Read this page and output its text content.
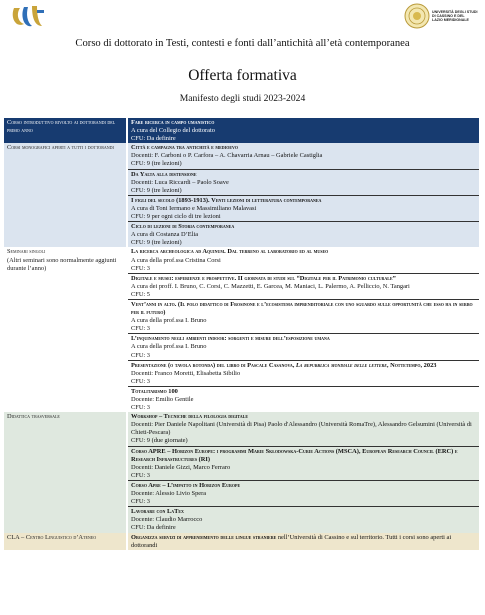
UNIVERSITÀ DEGLI STUDI
DI CASSINO E DEL
LAZIO MERIDIONALE
Corso di dottorato in Testi, contesti e fonti dall’antichità all’età contemporanea
Offerta formativa
Manifesto degli studi 2023-2024
Corso introduttivo rivolto ai dottorandi del primo anno	Fare ricerca in campo umanistico
A cura del Collegio del dottorato
CFU: Da definire

Corsi monografici aperti a tutti i dottorandi	Città e campagna tra antichità e medioevo
Docenti: F. Carboni o P. Carfora – A. Chavarria Arnau – Gabriele Castiglia
CFU: 9 (tre lezioni)

	Da Yalta alla distensione
Docenti: Luca Riccardi – Paolo Soave
CFU: 9 (tre lezioni)

	I figli del secolo (1893-1913). Venti lezioni di letteratura contemporanea
A cura di Toni Iermano e Massimiliano Malavasi
CFU: 9 per ogni ciclo di tre lezioni

	Ciclo di lezioni di Storia contemporanea
A cura di Costanza D’Elia
CFU: 9 (tre lezioni)

Seminari singoli
(Altri seminari sono normalmente aggiunti durante l’anno)	La ricerca archeologica ad Aquinum. Dal terreno al laboratorio ed al museo
A cura della prof.ssa Cristina Corsi
CFU: 3

	Digitale e musei: esperienze e prospettive. II giornata di studi sul “Digitale per il Patrimonio culturale”
A cura dei proff. I. Bruno, C. Corsi, C. Mazzetti, E. Garcea, M. Maniaci, L. Palermo, A. Pelliccio, N. Tangari
CFU: 5

	Vent’anni in alto. (Il polo didattico di Frosinone e l’ecosistema imprenditoriale con uno sguardo sulle opportunità che esso ha in serbo per il futuro)
A cura della prof.ssa I. Bruno
CFU: 3

	L’inquinamento negli ambienti indoor: sorgenti e misure dell’esposizione umana
A cura della prof.ssa I. Bruno
CFU: 3

	Presentazione (o tavola rotonda) del libro di Pascale Casanova, La repubblica mondiale delle lettere, Nottetempo, 2023
Docenti: Franco Moretti, Elisabetta Sibilio
CFU: 3

	Totalitarismo 100
Docente: Emilio Gentile
CFU: 3

Didattica trasversale	Workshop – Tecniche della filologia digitale
Docenti: Pier Daniele Napolitani (Università di Pisa) Paolo d'Alessandro (Università RomaTre), Alessandro Gelsumini (Università di Chieti-Pescara)
CFU: 9 (due giornate)

	Corso APRE – Horizon Europe: i programmi Marie Skłodowska-Curie Actions (MSCA), European Research Council (ERC) e Research Infrastructures (RI)
Docenti: Daniele Gizzi, Marco Ferraro
CFU: 3

	Corso Apre – L’impatto in Horizon Europe
Docente: Alessio Livio Spera
CFU: 3

	Lavorare con LaTex
Docente: Claudio Marrocco
CFU: Da definire

CLA – Centro Linguistico d’Ateneo	Organizza servizi di apprendimento delle lingue straniere nell’Università di Cassino e sul territorio. Tutti i corsi sono aperti ai dottorandi
